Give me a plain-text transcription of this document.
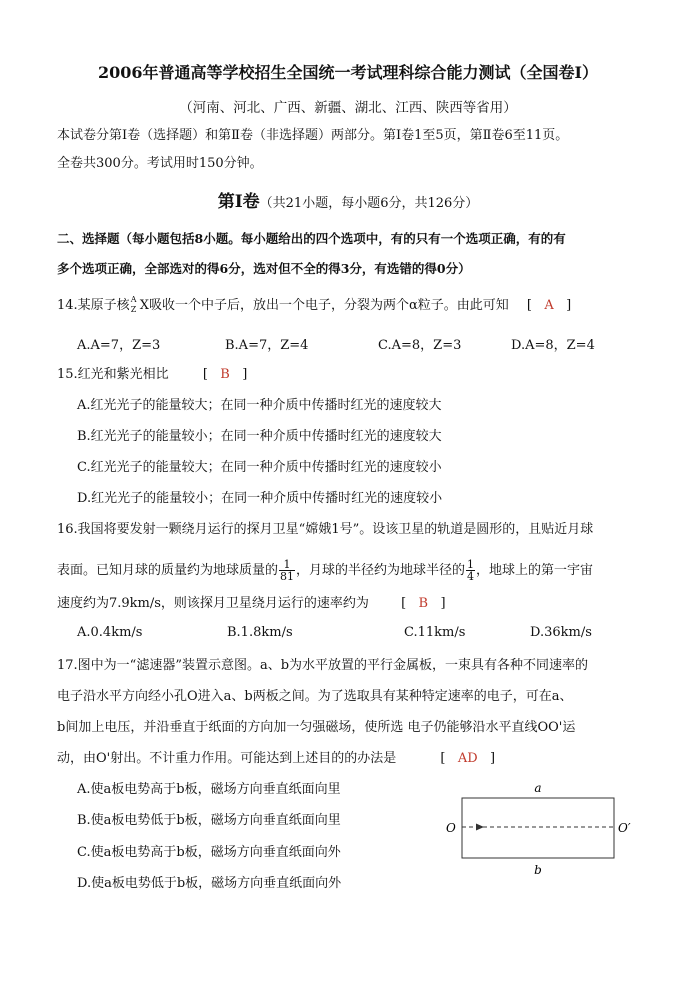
2006年普通高等学校招生全国统一考试理科综合能力测试（全国卷Ⅰ）
（河南、河北、广西、新疆、湖北、江西、陕西等省用）
本试卷分第Ⅰ卷（选择题）和第Ⅱ卷（非选择题）两部分。第Ⅰ卷1至5页，第Ⅱ卷6至11页。
全卷共300分。考试用时150分钟。
第Ⅰ卷（共21小题，每小题6分，共126分）
二、选择题（每小题包括8小题。每小题给出的四个选项中，有的只有一个选项正确，有的有
多个选项正确，全部选对的得6分，选对但不全的得3分，有选错的得0分）
14.某原子核 A
Z X吸收一个中子后，放出一个电子，分裂为两个α粒子。由此可知 [   A   ]
A.A=7，Z=3	B.A=7，Z=4	C.A=8，Z=3	D.A=8，Z=4
15.红光和紫光相比	[   B   ]
A.红光光子的能量较大；在同一种介质中传播时红光的速度较大
B.红光光子的能量较小；在同一种介质中传播时红光的速度较大
C.红光光子的能量较大；在同一种介质中传播时红光的速度较小
D.红光光子的能量较小；在同一种介质中传播时红光的速度较小
16.我国将要发射一颗绕月运行的探月卫星“嫦娥1号”。设该卫星的轨道是圆形的，且贴近月球
表面。已知月球的质量约为地球质量的 $\frac{1}{81}$ ，月球的半径约为地球半径的 $\frac{1}{4}$ ，地球上的第一宇宙
速度约为7.9km/s，则该探月卫星绕月运行的速率约为 [   B   ]
A.0.4km/s	B.1.8km/s	C.11km/s	D.36km/s
17.图中为一“滤速器”装置示意图。a、b为水平放置的平行金属板，一束具有各种不同速率的
电子沿水平方向经小孔O进入a、b两板之间。为了选取具有某种特定速率的电子，可在a、
b间加上电压，并沿垂直于纸面的方向加一匀强磁场，使所选 电子仍能够沿水平直线OO'运
动，由O'射出。不计重力作用。可能达到上述目的的办法是	[   AD   ]
A.使a板电势高于b板，磁场方向垂直纸面向里
B.使a板电势低于b板，磁场方向垂直纸面向里
C.使a板电势高于b板，磁场方向垂直纸面向外
D.使a板电势低于b板，磁场方向垂直纸面向外
a
b
O	O′
